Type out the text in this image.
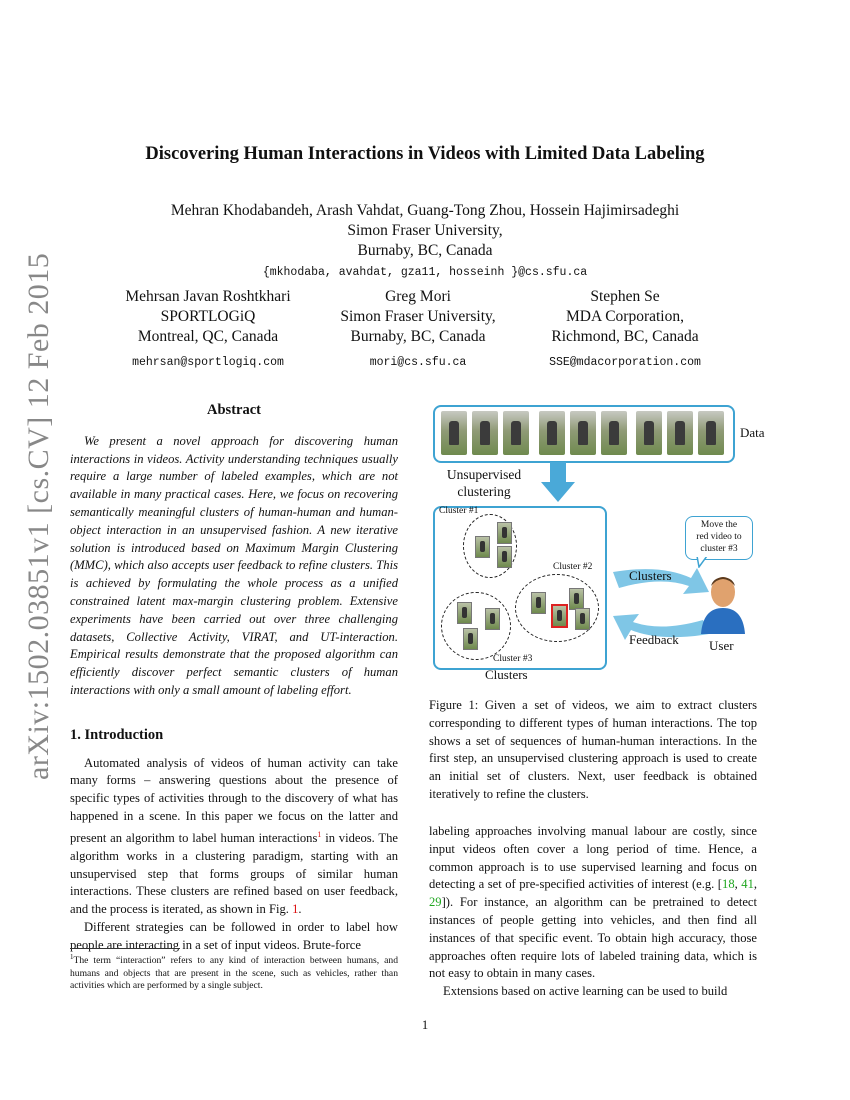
arXiv:1502.03851v1 [cs.CV] 12 Feb 2015
Discovering Human Interactions in Videos with Limited Data Labeling
Mehran Khodabandeh, Arash Vahdat, Guang-Tong Zhou, Hossein Hajimirsadeghi
Simon Fraser University,
Burnaby, BC, Canada
{mkhodaba, avahdat, gza11, hosseinh }@cs.sfu.ca
Mehrsan Javan Roshtkhari
SPORTLOGiQ
Montreal, QC, Canada
mehrsan@sportlogiq.com
Greg Mori
Simon Fraser University,
Burnaby, BC, Canada
mori@cs.sfu.ca
Stephen Se
MDA Corporation,
Richmond, BC, Canada
SSE@mdacorporation.com
Abstract

We present a novel approach for discovering human interactions in videos. Activity understanding techniques usually require a large number of labeled examples, which are not available in many practical cases. Here, we focus on recovering semantically meaningful clusters of human-human and human-object interaction in an unsupervised fashion. A new iterative solution is introduced based on Maximum Margin Clustering (MMC), which also accepts user feedback to refine clusters. This is achieved by formulating the whole process as a unified constrained latent max-margin clustering problem. Extensive experiments have been carried out over three challenging datasets, Collective Activity, VIRAT, and UT-interaction. Empirical results demonstrate that the proposed algorithm can efficiently discover perfect semantic clusters of human interactions with only a small amount of labeling effort.

1. Introduction

Automated analysis of videos of human activity can take many forms – answering questions about the presence of specific types of activities through to the discovery of what has happened in a scene. In this paper we focus on the latter and present an algorithm to label human interactions$^1$ in videos. The algorithm works in a clustering paradigm, starting with an unsupervised step that forms groups of similar human interactions. These clusters are refined based on user feedback, and the process is iterated, as shown in Fig. 1.

Different strategies can be followed in order to label how people are interacting in a set of input videos. Brute-force

$^1$The term “interaction” refers to any kind of interaction between humans, and humans and objects that are present in the scene, such as vehicles, rather than activities which are performed by a single subject.
Data
Unsupervised
clustering
Cluster #1
Cluster #2
Cluster #3
Clusters
Clusters
Feedback User
Move the
red video to
cluster #3
Figure 1: Given a set of videos, we aim to extract clusters corresponding to different types of human interactions. The top shows a set of sequences of human-human interactions. In the first step, an unsupervised clustering approach is used to create an initial set of clusters. Next, user feedback is obtained iteratively to refine the clusters.

labeling approaches involving manual labour are costly, since input videos often cover a long period of time. Hence, a common approach is to use supervised learning and focus on detecting a set of pre-specified activities of interest (e.g. [18, 41, 29]). For instance, an algorithm can be pretrained to detect instances of people getting into vehicles, and then find all instances of that specific event. To obtain high accuracy, those approaches often require lots of labeled training data, which is not easy to obtain in many cases.

Extensions based on active learning can be used to build

1
